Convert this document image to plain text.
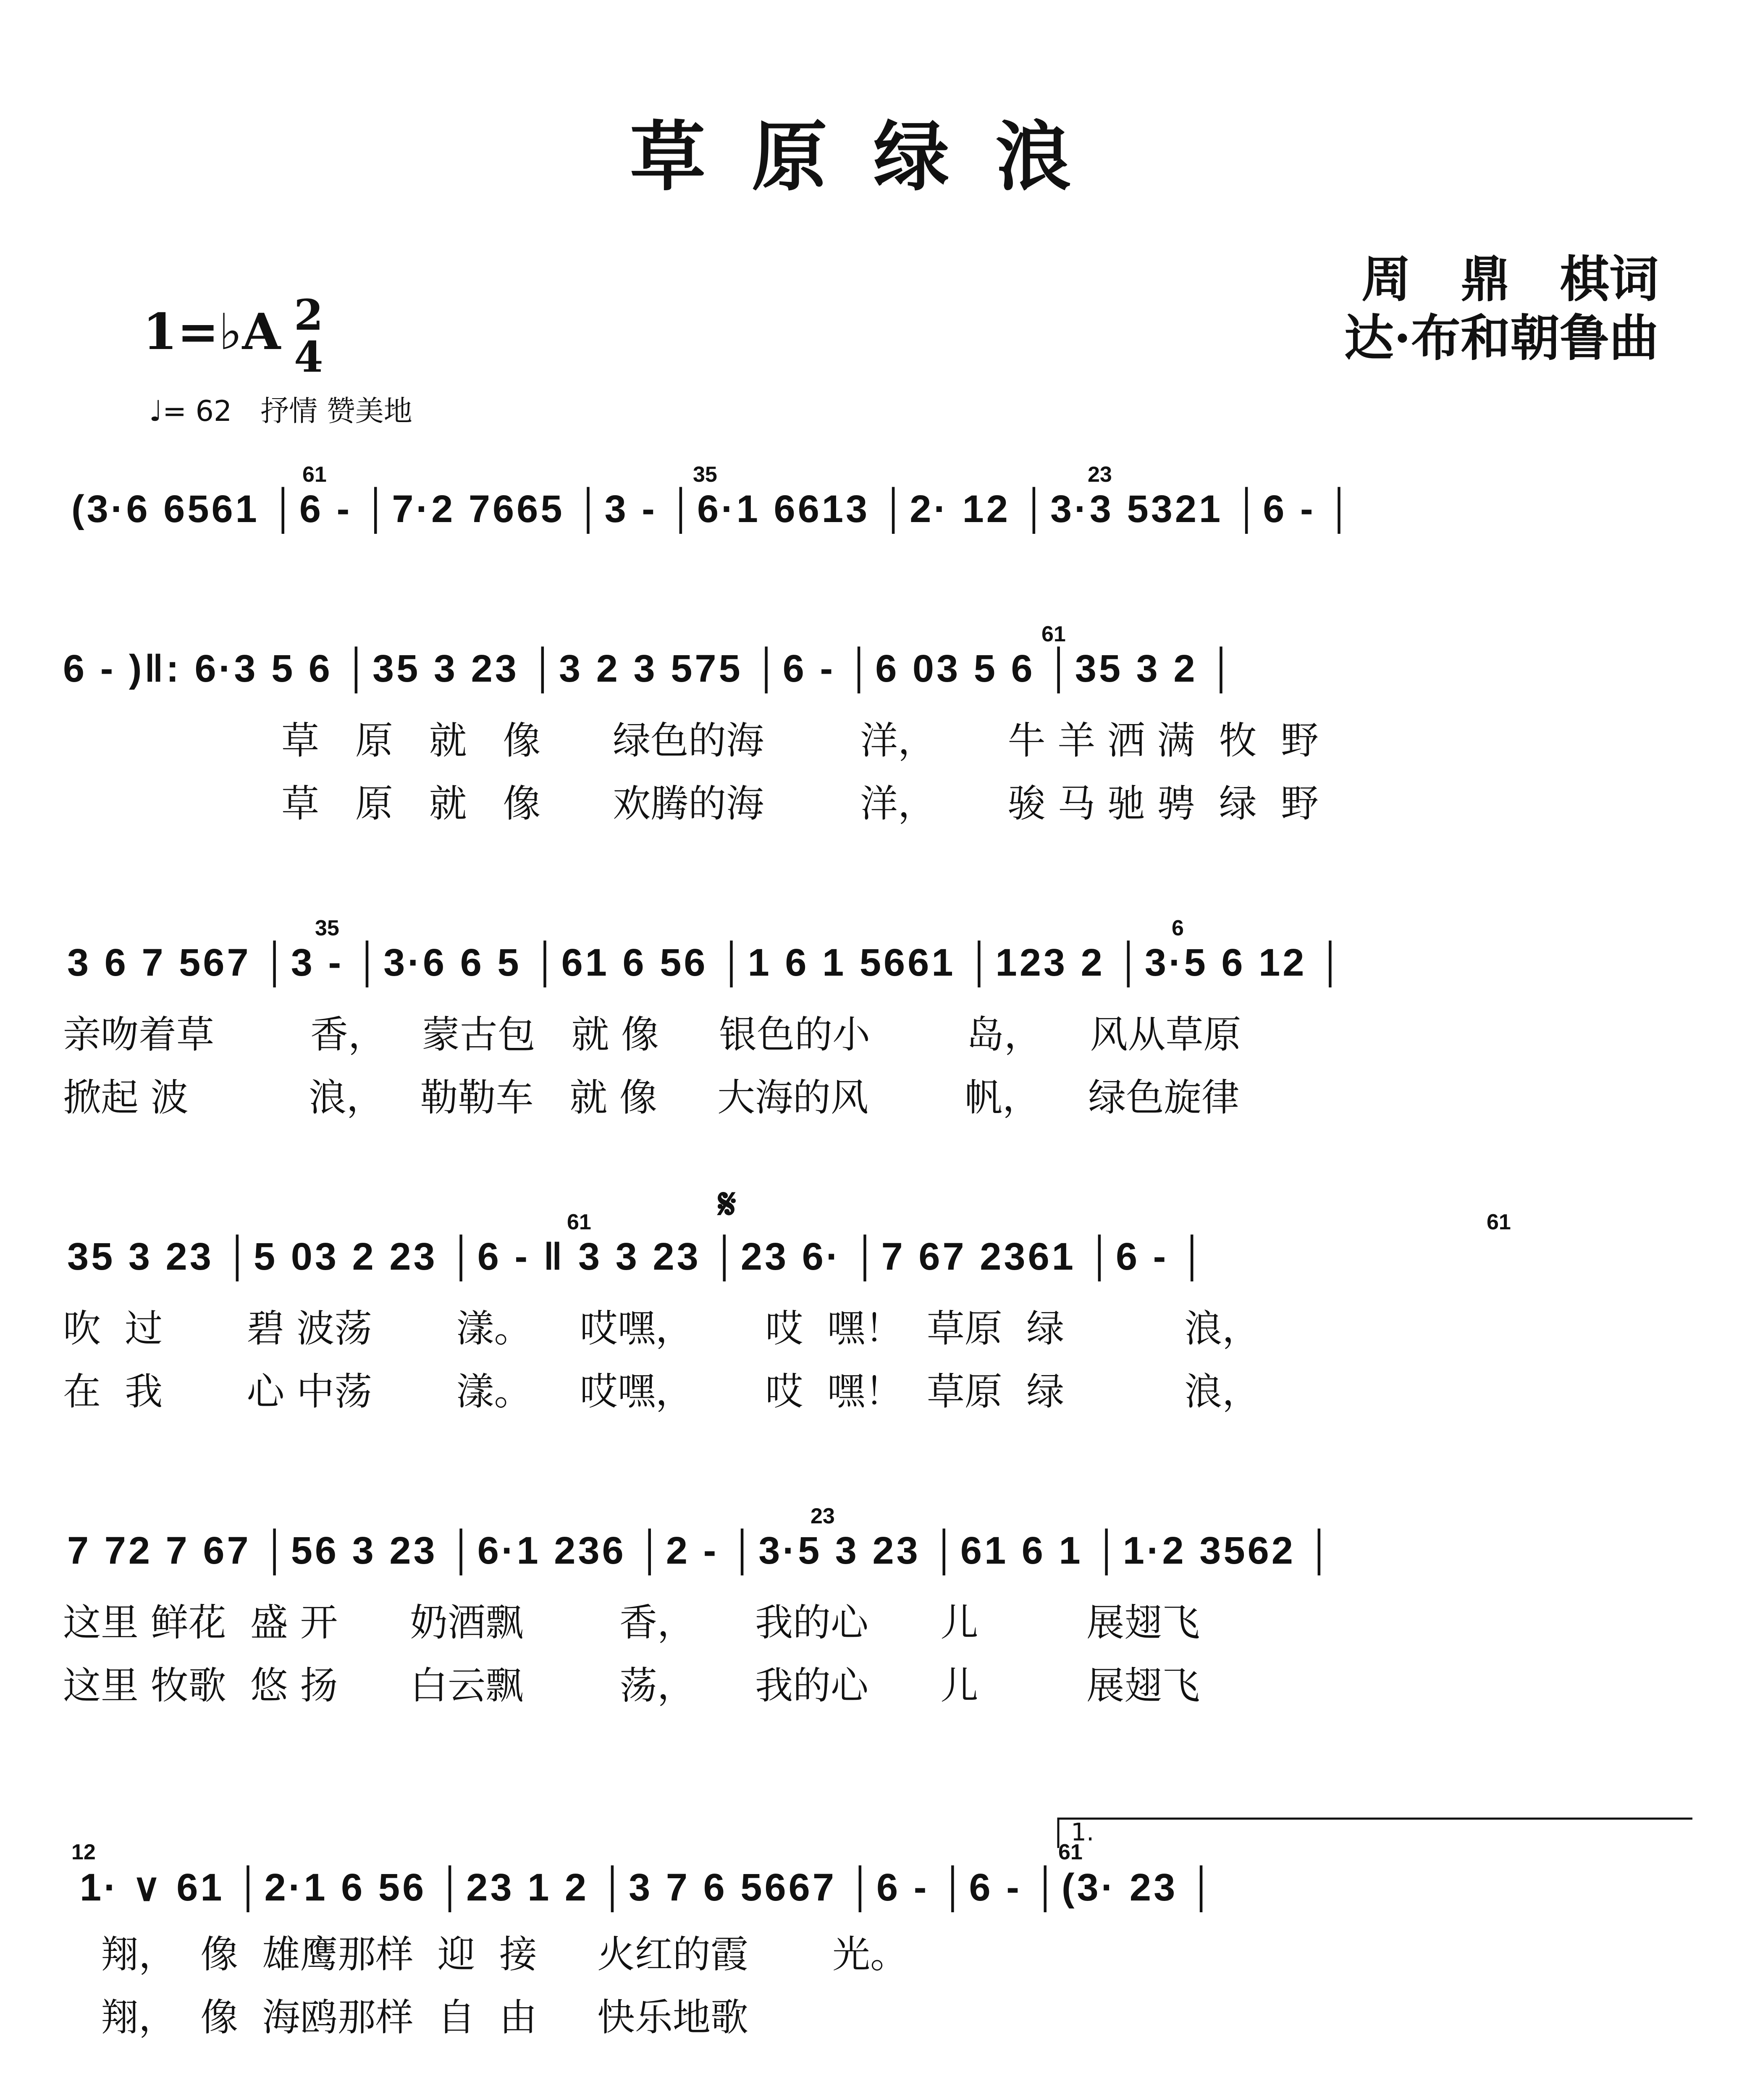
草原绿浪
周　鼎　棋词
达·布和朝鲁曲
1=♭A 2
4
♩= 62　抒情 赞美地
61	35	23
(3·6 6561 │6 - │7·2 7665 │3 - │6·1 6613 │2· 12 │3·3 5321 │6 - │
61
6 - )‖: 6·3 5 6 │35 3 23 │3 2 3 575 │6 - │6 03 5 6 │35 3 2 │
草   原   就   像      绿色的海        洋，      牛 羊 洒 满  牧  野
草   原   就   像      欢腾的海        洋，      骏 马 驰 骋  绿  野
35	6
3 6 7 567 │3 - │3·6 6 5 │61 6 56 │1 6 1 5661 │123 2 │3·5 6 12 │
亲吻着草        香，   蒙古包   就 像     银色的小        岛，    风从草原
掀起 波          浪，   勒勒车   就 像     大海的风        帆，    绿色旋律
61	61
𝄋
35 3 23 │5 03 2 23 │6 - ‖ 3 3 23 │23 6· │7 67 2361 │6 - │
吹  过       碧 波荡       漾。    哎嘿，      哎  嘿！  草原  绿          浪，
在  我       心 中荡       漾。    哎嘿，      哎  嘿！  草原  绿          浪，
23
7 72 7 67 │56 3 23 │6·1 236 │2 - │3·5 3 23 │61 6 1 │1·2 3562 │
这里 鲜花  盛 开      奶酒飘        香，     我的心      儿         展翅飞
这里 牧歌  悠 扬      白云飘        荡，     我的心      儿         展翅飞
1.
12	61
1· ∨ 61 │2·1 6 56 │23 1 2 │3 7 6 5667 │6 - │6 - │(3· 23 │
翔，  像  雄鹰那样  迎  接     火红的霞       光。
翔，  像  海鸥那样  自  由     快乐地歌
